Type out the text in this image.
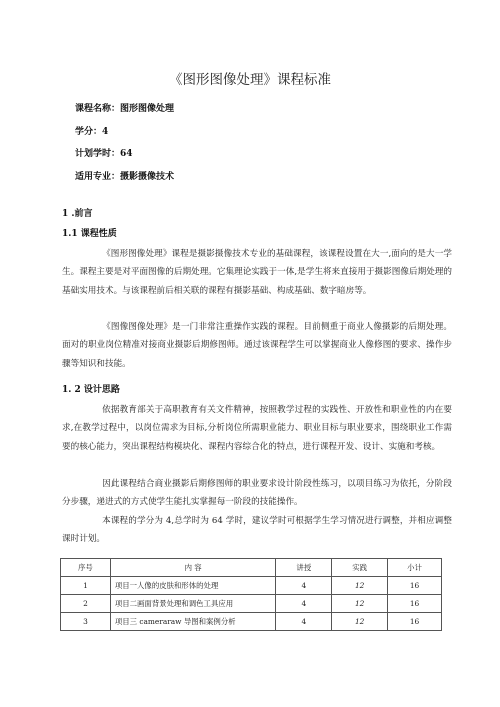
《图形图像处理》课程标准
课程名称：图形图像处理
学分：4
计划学时：64
适用专业：摄影摄像技术
1 .前言
1.1 课程性质
《图形图像处理》课程是摄影摄像技术专业的基础课程，该课程设置在大一,面向的是大一学生。课程主要是对平面图像的后期处理。它集理论实践于一体,是学生将来直接用于摄影图像后期处理的基础实用技术。与该课程前后相关联的课程有摄影基础、构成基础、数字暗房等。
《图像图像处理》是一门非常注重操作实践的课程。目前侧重于商业人像摄影的后期处理。面对的职业岗位精准对接商业摄影后期修图师。通过该课程学生可以掌握商业人像修图的要求、操作步骤等知识和技能。
1. 2 设计思路
依据教育部关于高职教育有关文件精神，按照教学过程的实践性、开放性和职业性的内在要求,在教学过程中，以岗位需求为目标,分析岗位所需职业能力、职业目标与职业要求，围绕职业工作需要的核心能力，突出课程结构模块化、课程内容综合化的特点，进行课程开发、设计、实施和考核。
因此课程结合商业摄影后期修图师的职业要求设计阶段性练习，以项目练习为依托，分阶段分步骤，递进式的方式使学生能扎实掌握每一阶段的技能操作。
本课程的学分为 4,总学时为 64 学时，建议学时可根据学生学习情况进行调整，并相应调整课时计划。
序号	内 容	讲授	实践	小计
1	项目一人像的皮肤和形体的处理	4	12	16
2	项目二画面背景处理和调色工具应用	4	12	16
3	项目三 cameraraw 导图和案例分析	4	12	16
